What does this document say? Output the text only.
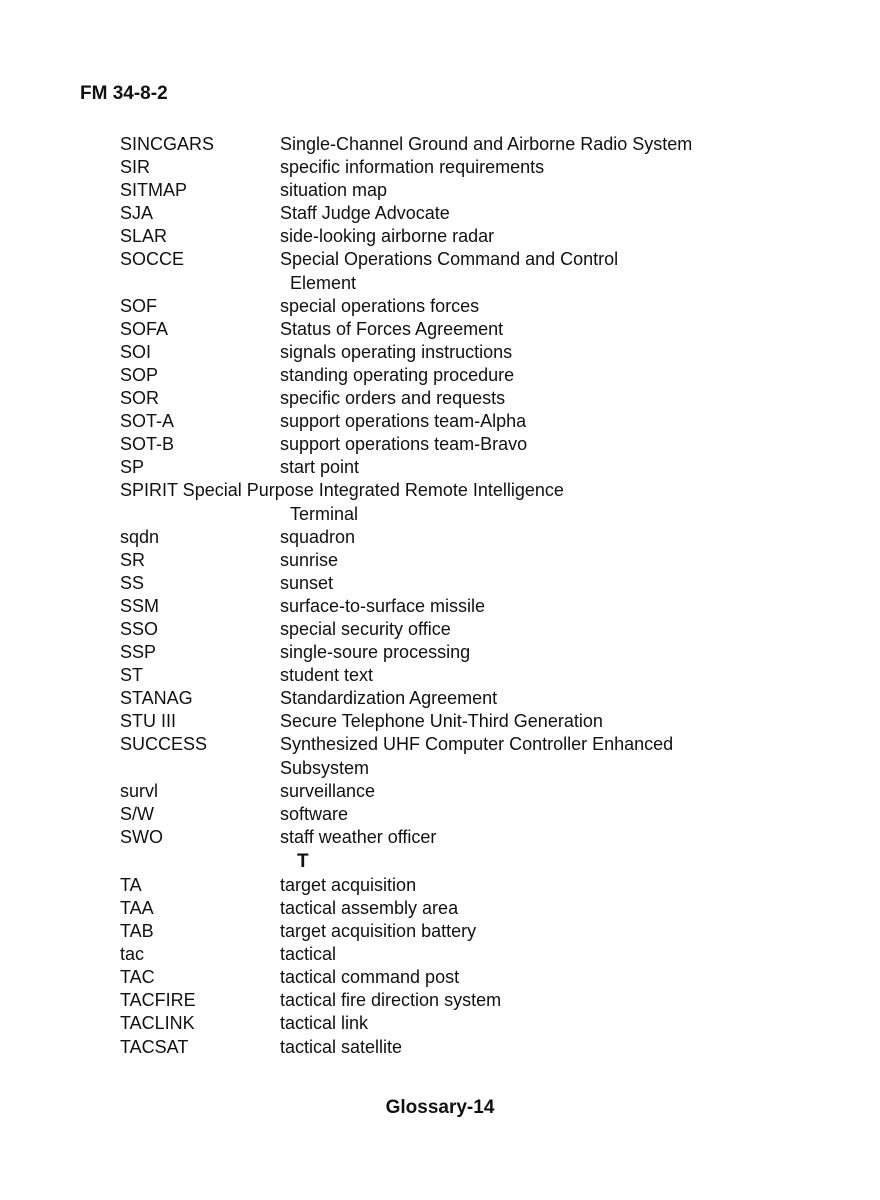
FM 34-8-2
SINCGARS	Single-Channel Ground and Airborne Radio System
SIR	specific information requirements
SITMAP	situation map
SJA	Staff Judge Advocate
SLAR	side-looking airborne radar
SOCCE	Special Operations Command and Control
Element
SOF	special operations forces
SOFA	Status of Forces Agreement
SOI	signals operating instructions
SOP	standing operating procedure
SOR	specific orders and requests
SOT-A	support operations team-Alpha
SOT-B	support operations team-Bravo
SP	start point
SPIRIT Special Purpose Integrated Remote Intelligence
Terminal
sqdn	squadron
SR	sunrise
SS	sunset
SSM	surface-to-surface missile
SSO	special security office
SSP	single-soure processing
ST	student text
STANAG	Standardization Agreement
STU III	Secure Telephone Unit-Third Generation
SUCCESS	Synthesized UHF Computer Controller Enhanced
Subsystem
survl	surveillance
S/W	software
SWO	staff weather officer
T
TA	target acquisition
TAA	tactical assembly area
TAB	target acquisition battery
tac	tactical
TAC	tactical command post
TACFIRE	tactical fire direction system
TACLINK	tactical link
TACSAT	tactical satellite
Glossary-14
